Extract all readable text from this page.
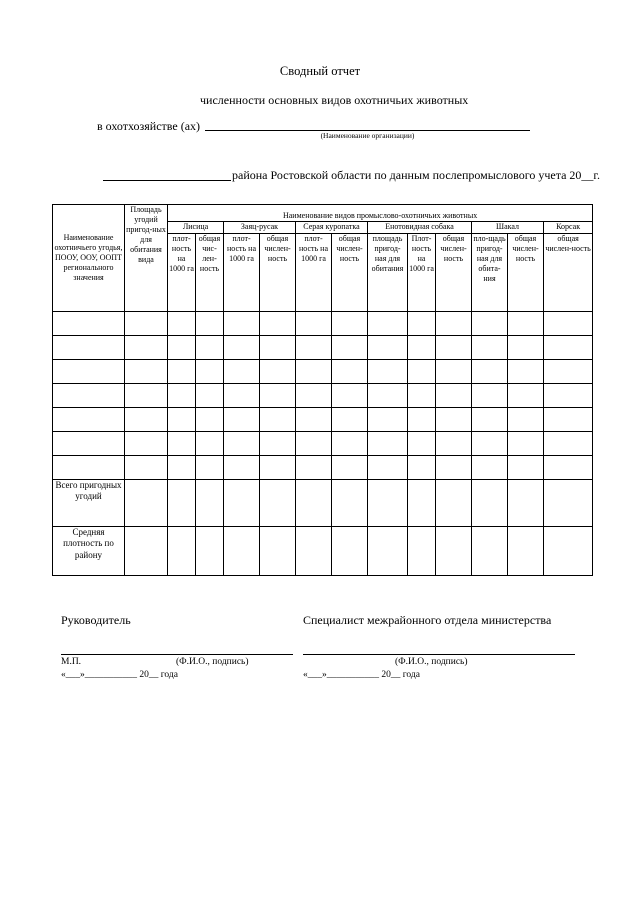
Сводный отчет
численности основных видов охотничьих животных
в охотхозяйстве (ах)
(Наименование организации)
района Ростовской области по данным послепромыслового учета 20__г.
Наименование охотничьего угодья, ПООУ, ООУ, ООПТ регионального значения	Площадь угодий пригод-ных для обитания вида	Наименование видов промыслово-охотничьих животных											
		Лисица		Заяц-русак		Серая куропатка		Енотовидная собака			Шакал		Корсак
		плот-ность на 1000 га	общая чис-лен-ность	плот-ность на 1000 га	общая числен-ность	плот-ность на 1000 га	общая числен-ность	площадь пригод-ная для обитания	Плот-ность на 1000 га	общая числен-ность	пло-щадь пригод-ная для обита-ния	общая числен-ность	общая числен-ность

Всего пригодных угодий													
Средняя плотность по району													
Руководитель	Специалист межрайонного отдела министерства
М.П.	(Ф.И.О., подпись)	(Ф.И.О., подпись)
«___»___________ 20__ года	«___»___________ 20__ года
